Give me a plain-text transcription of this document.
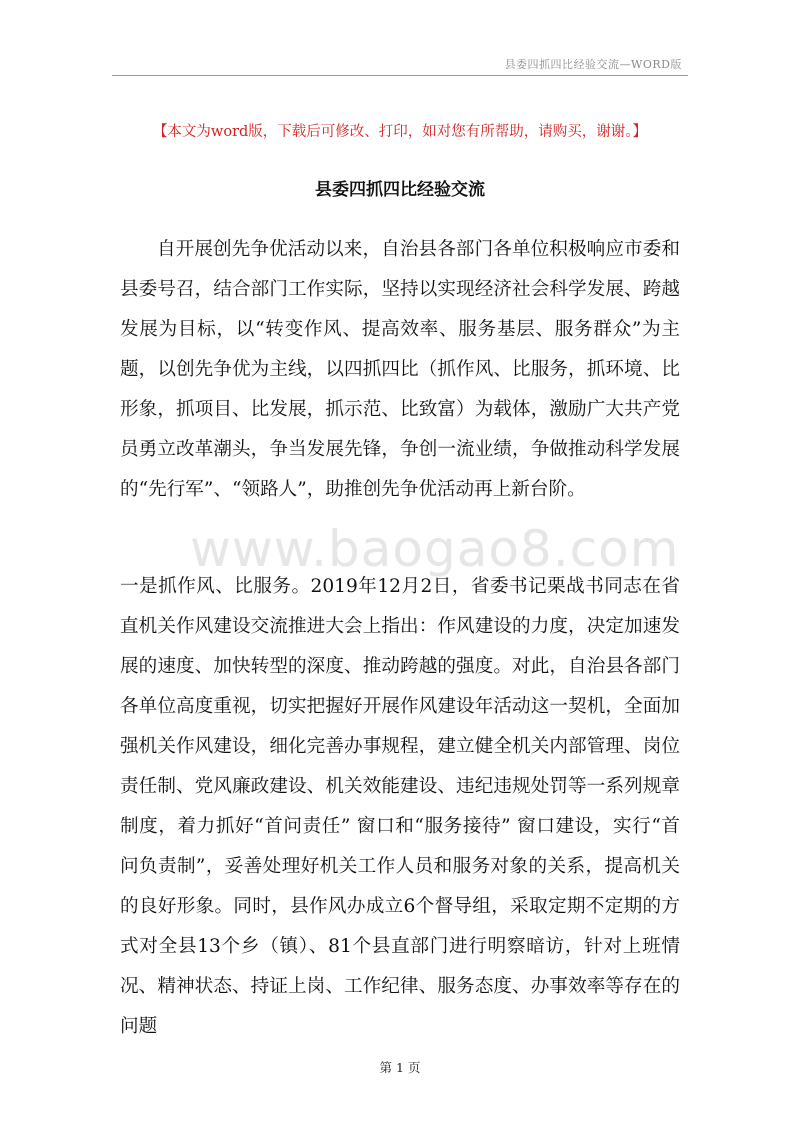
县委四抓四比经验交流—WORD版
【本文为word版，下载后可修改、打印，如对您有所帮助，请购买，谢谢。】
县委四抓四比经验交流

自开展创先争优活动以来，自治县各部门各单位积极响应市委和县委号召，结合部门工作实际，坚持以实现经济社会科学发展、跨越发展为目标，以“转变作风、提高效率、服务基层、服务群众”为主题，以创先争优为主线，以四抓四比（抓作风、比服务，抓环境、比形象，抓项目、比发展，抓示范、比致富）为载体，激励广大共产党员勇立改革潮头，争当发展先锋，争创一流业绩，争做推动科学发展的“先行军”、“领路人”，助推创先争优活动再上新台阶。

www.baogao8.com

一是抓作风、比服务。2019年12月2日，省委书记栗战书同志在省直机关作风建设交流推进大会上指出：作风建设的力度，决定加速发展的速度、加快转型的深度、推动跨越的强度。对此，自治县各部门各单位高度重视，切实把握好开展作风建设年活动这一契机，全面加强机关作风建设，细化完善办事规程，建立健全机关内部管理、岗位责任制、党风廉政建设、机关效能建设、违纪违规处罚等一系列规章制度，着力抓好“首问责任” 窗口和“服务接待” 窗口建设，实行“首问负责制”，妥善处理好机关工作人员和服务对象的关系，提高机关的良好形象。同时，县作风办成立6个督导组，采取定期不定期的方式对全县13个乡（镇）、81个县直部门进行明察暗访，针对上班情况、精神状态、持证上岗、工作纪律、服务态度、办事效率等存在的问题

第 1 页
